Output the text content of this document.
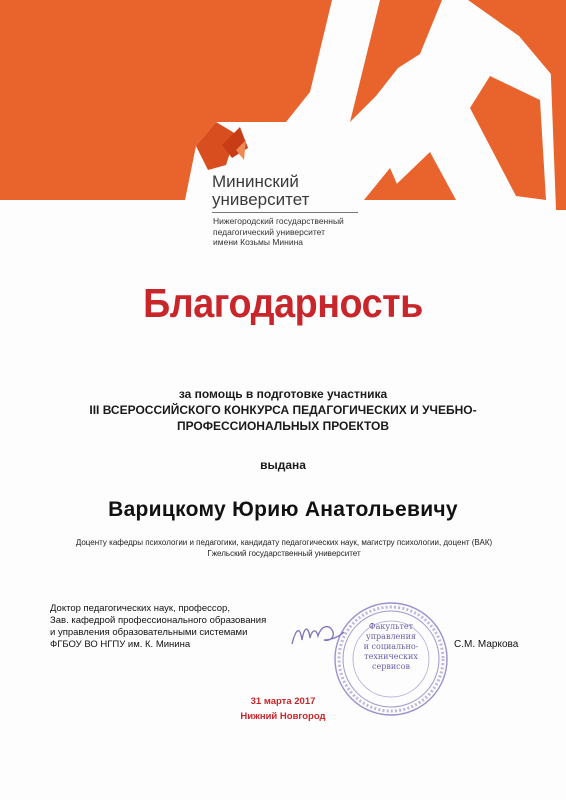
Мининский
университет
Нижегородский государственный
педагогический университет
имени Козьмы Минина
Благодарность
за помощь в подготовке участника
III ВСЕРОССИЙСКОГО КОНКУРСА ПЕДАГОГИЧЕСКИХ И УЧЕБНО-
ПРОФЕССИОНАЛЬНЫХ ПРОЕКТОВ
выдана
Варицкому Юрию Анатольевичу
Доценту кафедры психологии и педагогики, кандидату педагогических наук, магистру психологии, доцент (ВАК) Гжельский государственный университет
Доктор педагогических наук, профессор,
Зав. кафедрой профессионального образования
и управления образовательными системами
ФГБОУ ВО НГПУ им. К. Минина
Факультет
управления
и социально-
технических
сервисов
С.М. Маркова
31 марта 2017
Нижний Новгород
